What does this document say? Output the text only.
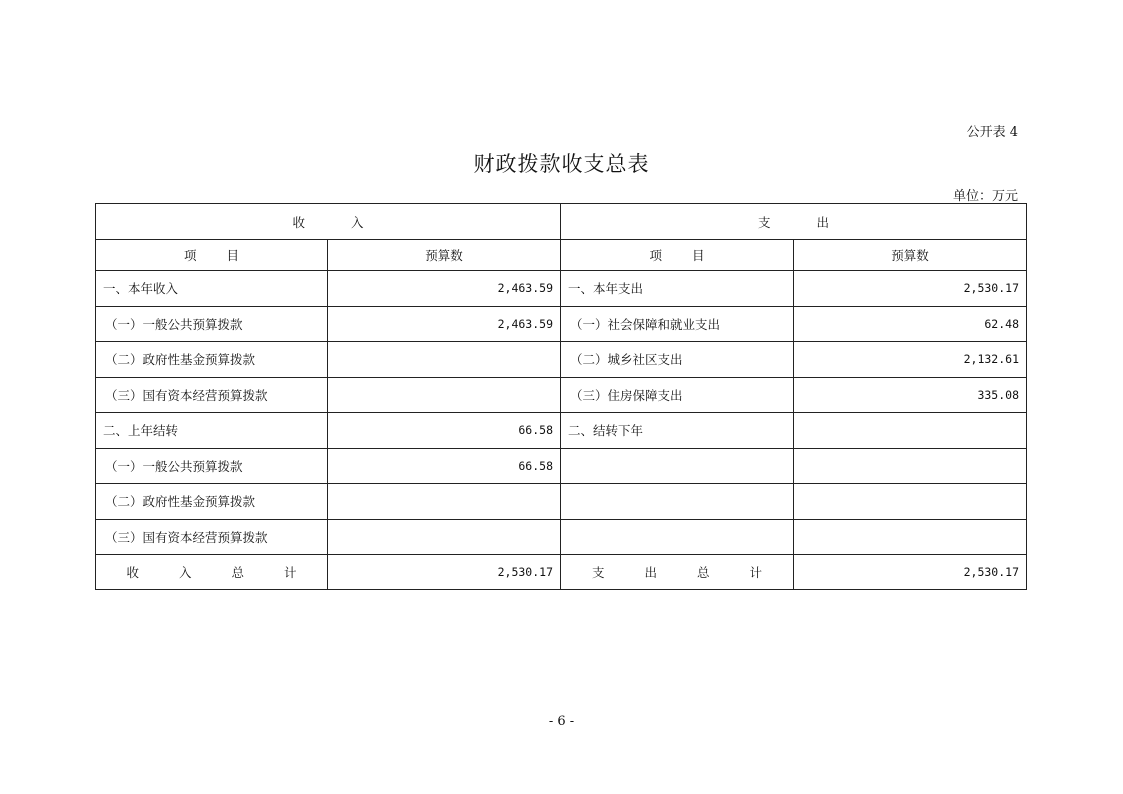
公开表 4
财政拨款收支总表
单位：万元
收 入		支 出	
项 目	预算数	项 目	预算数
一、本年收入	2,463.59	一、本年支出	2,530.17
（一）一般公共预算拨款	2,463.59	（一）社会保障和就业支出	62.48
（二）政府性基金预算拨款		（二）城乡社区支出	2,132.61
（三）国有资本经营预算拨款		（三）住房保障支出	335.08
二、上年结转	66.58	二、结转下年	
（一）一般公共预算拨款	66.58		
（二）政府性基金预算拨款			
（三）国有资本经营预算拨款			
收 入 总 计	2,530.17	支 出 总 计	2,530.17
- 6 -
